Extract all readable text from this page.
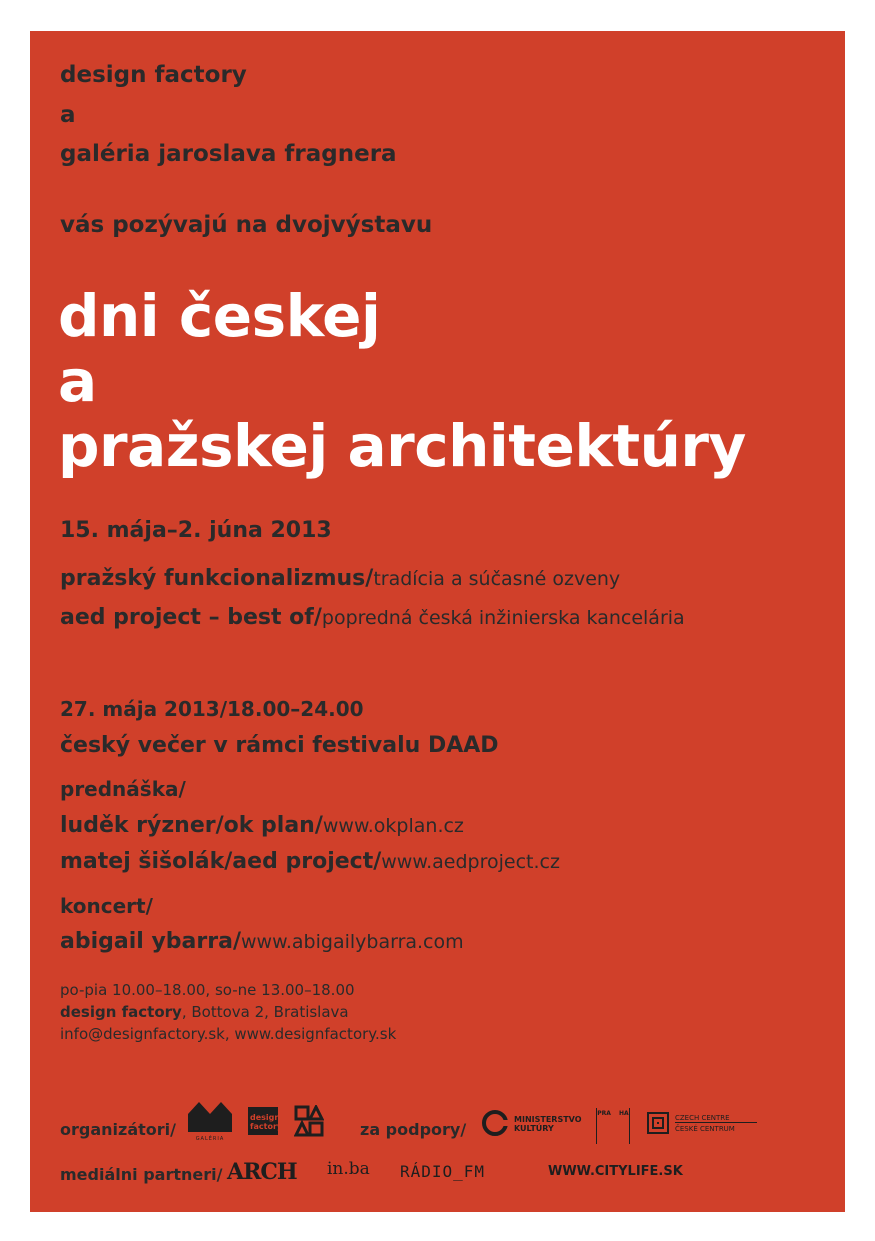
design factory
a
galéria jaroslava fragnera
vás pozývajú na dvojvýstavu
dni českej
a
pražskej architektúry
15. mája–2. júna 2013
pražský funkcionalizmus/tradícia a súčasné ozveny
aed project – best of/popredná česká inžinierska kancelária
27. mája 2013/18.00–24.00
český večer v rámci festivalu DAAD
prednáška/
luděk rýzner/ok plan/www.okplan.cz
matej šišolák/aed project/www.aedproject.cz
koncert/
abigail ybarra/www.abigailybarra.com
po-pia 10.00–18.00, so-ne 13.00–18.00
design factory, Bottova 2, Bratislava
info@designfactory.sk, www.designfactory.sk
organizátori/	GALÉRIA
design
factory	za podpory/
MINISTERSTVO
KULTÚRY
PRA HA
CZECH CENTRE
ČESKÉ CENTRUM
mediálni partneri/ ARCH	in.ba	RÁDIO_FM	WWW.CITYLIFE.SK
